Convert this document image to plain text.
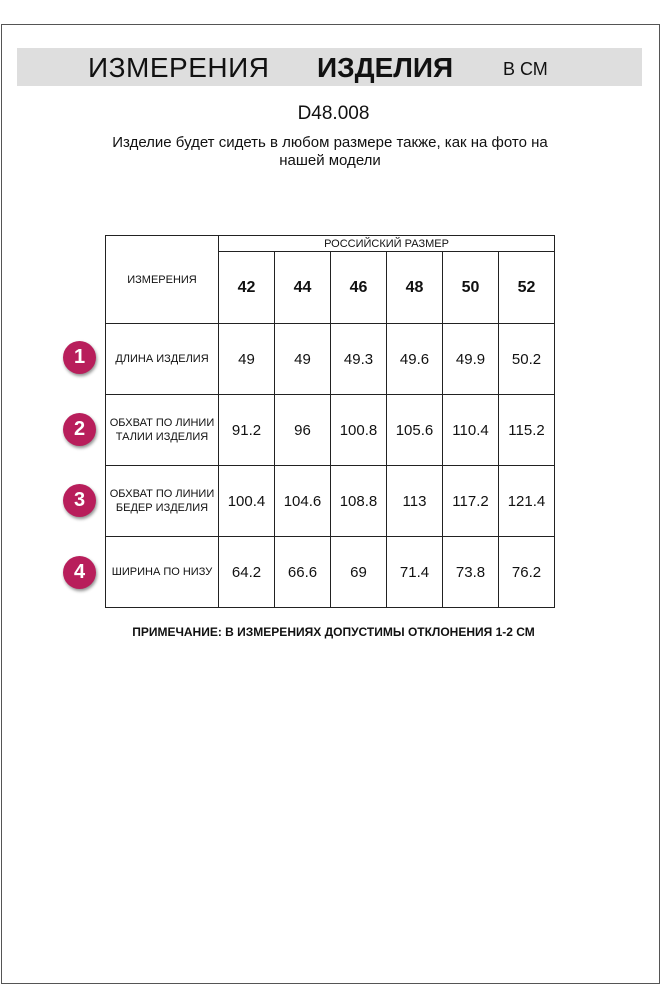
ИЗМЕРЕНИЯ ИЗДЕЛИЯ	В СМ
D48.008
Изделие будет сидеть в любом размере также, как на фото на нашей модели
ИЗМЕРЕНИЯ	РОССИЙСКИЙ РАЗМЕР					
	42	44	46	48	50	52
ДЛИНА ИЗДЕЛИЯ	49	49	49.3	49.6	49.9	50.2
ОБХВАТ ПО ЛИНИИ ТАЛИИ ИЗДЕЛИЯ	91.2	96	100.8	105.6	110.4	115.2
ОБХВАТ ПО ЛИНИИ БЕДЕР ИЗДЕЛИЯ	100.4	104.6	108.8	113	117.2	121.4
ШИРИНА ПО НИЗУ	64.2	66.6	69	71.4	73.8	76.2
1
2
3
4
ПРИМЕЧАНИЕ: В ИЗМЕРЕНИЯХ ДОПУСТИМЫ ОТКЛОНЕНИЯ 1-2 СМ
